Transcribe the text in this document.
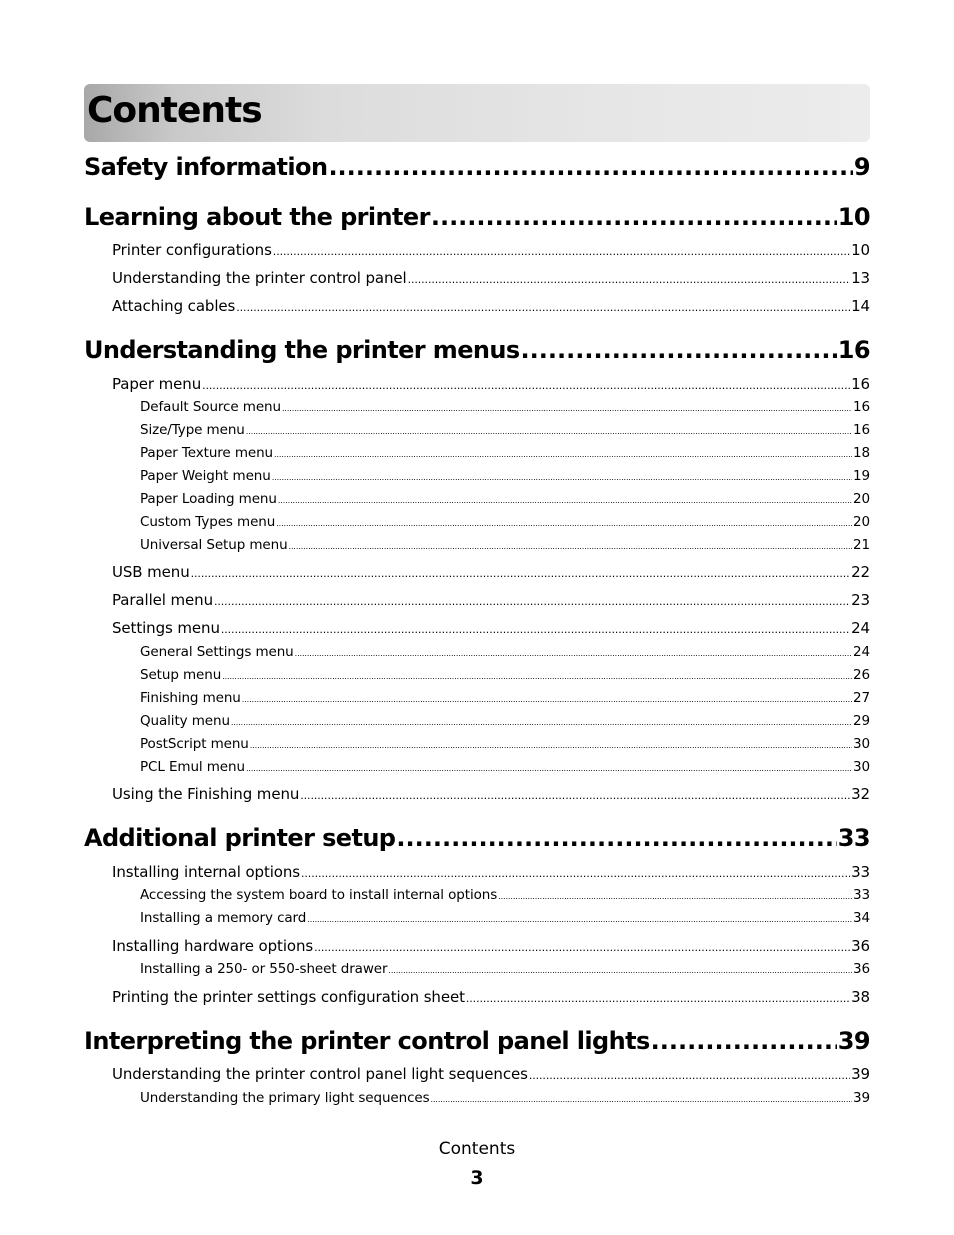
Contents
Safety information .....	9
Learning about the printer .....	10
Printer configurations .....	10
Understanding the printer control panel .....	13
Attaching cables .....	14
Understanding the printer menus .....	16
Paper menu .....	16
Default Source menu .....	16
Size/Type menu .....	16
Paper Texture menu .....	18
Paper Weight menu .....	19
Paper Loading menu .....	20
Custom Types menu .....	20
Universal Setup menu .....	21
USB menu .....	22
Parallel menu .....	23
Settings menu .....	24
General Settings menu .....	24
Setup menu .....	26
Finishing menu .....	27
Quality menu .....	29
PostScript menu .....	30
PCL Emul menu .....	30
Using the Finishing menu .....	32
Additional printer setup .....	33
Installing internal options .....	33
Accessing the system board to install internal options .....	33
Installing a memory card .....	34
Installing hardware options .....	36
Installing a 250- or 550-sheet drawer .....	36
Printing the printer settings configuration sheet .....	38
Interpreting the printer control panel lights .....	39
Understanding the printer control panel light sequences .....	39
Understanding the primary light sequences .....	39
Contents
3
